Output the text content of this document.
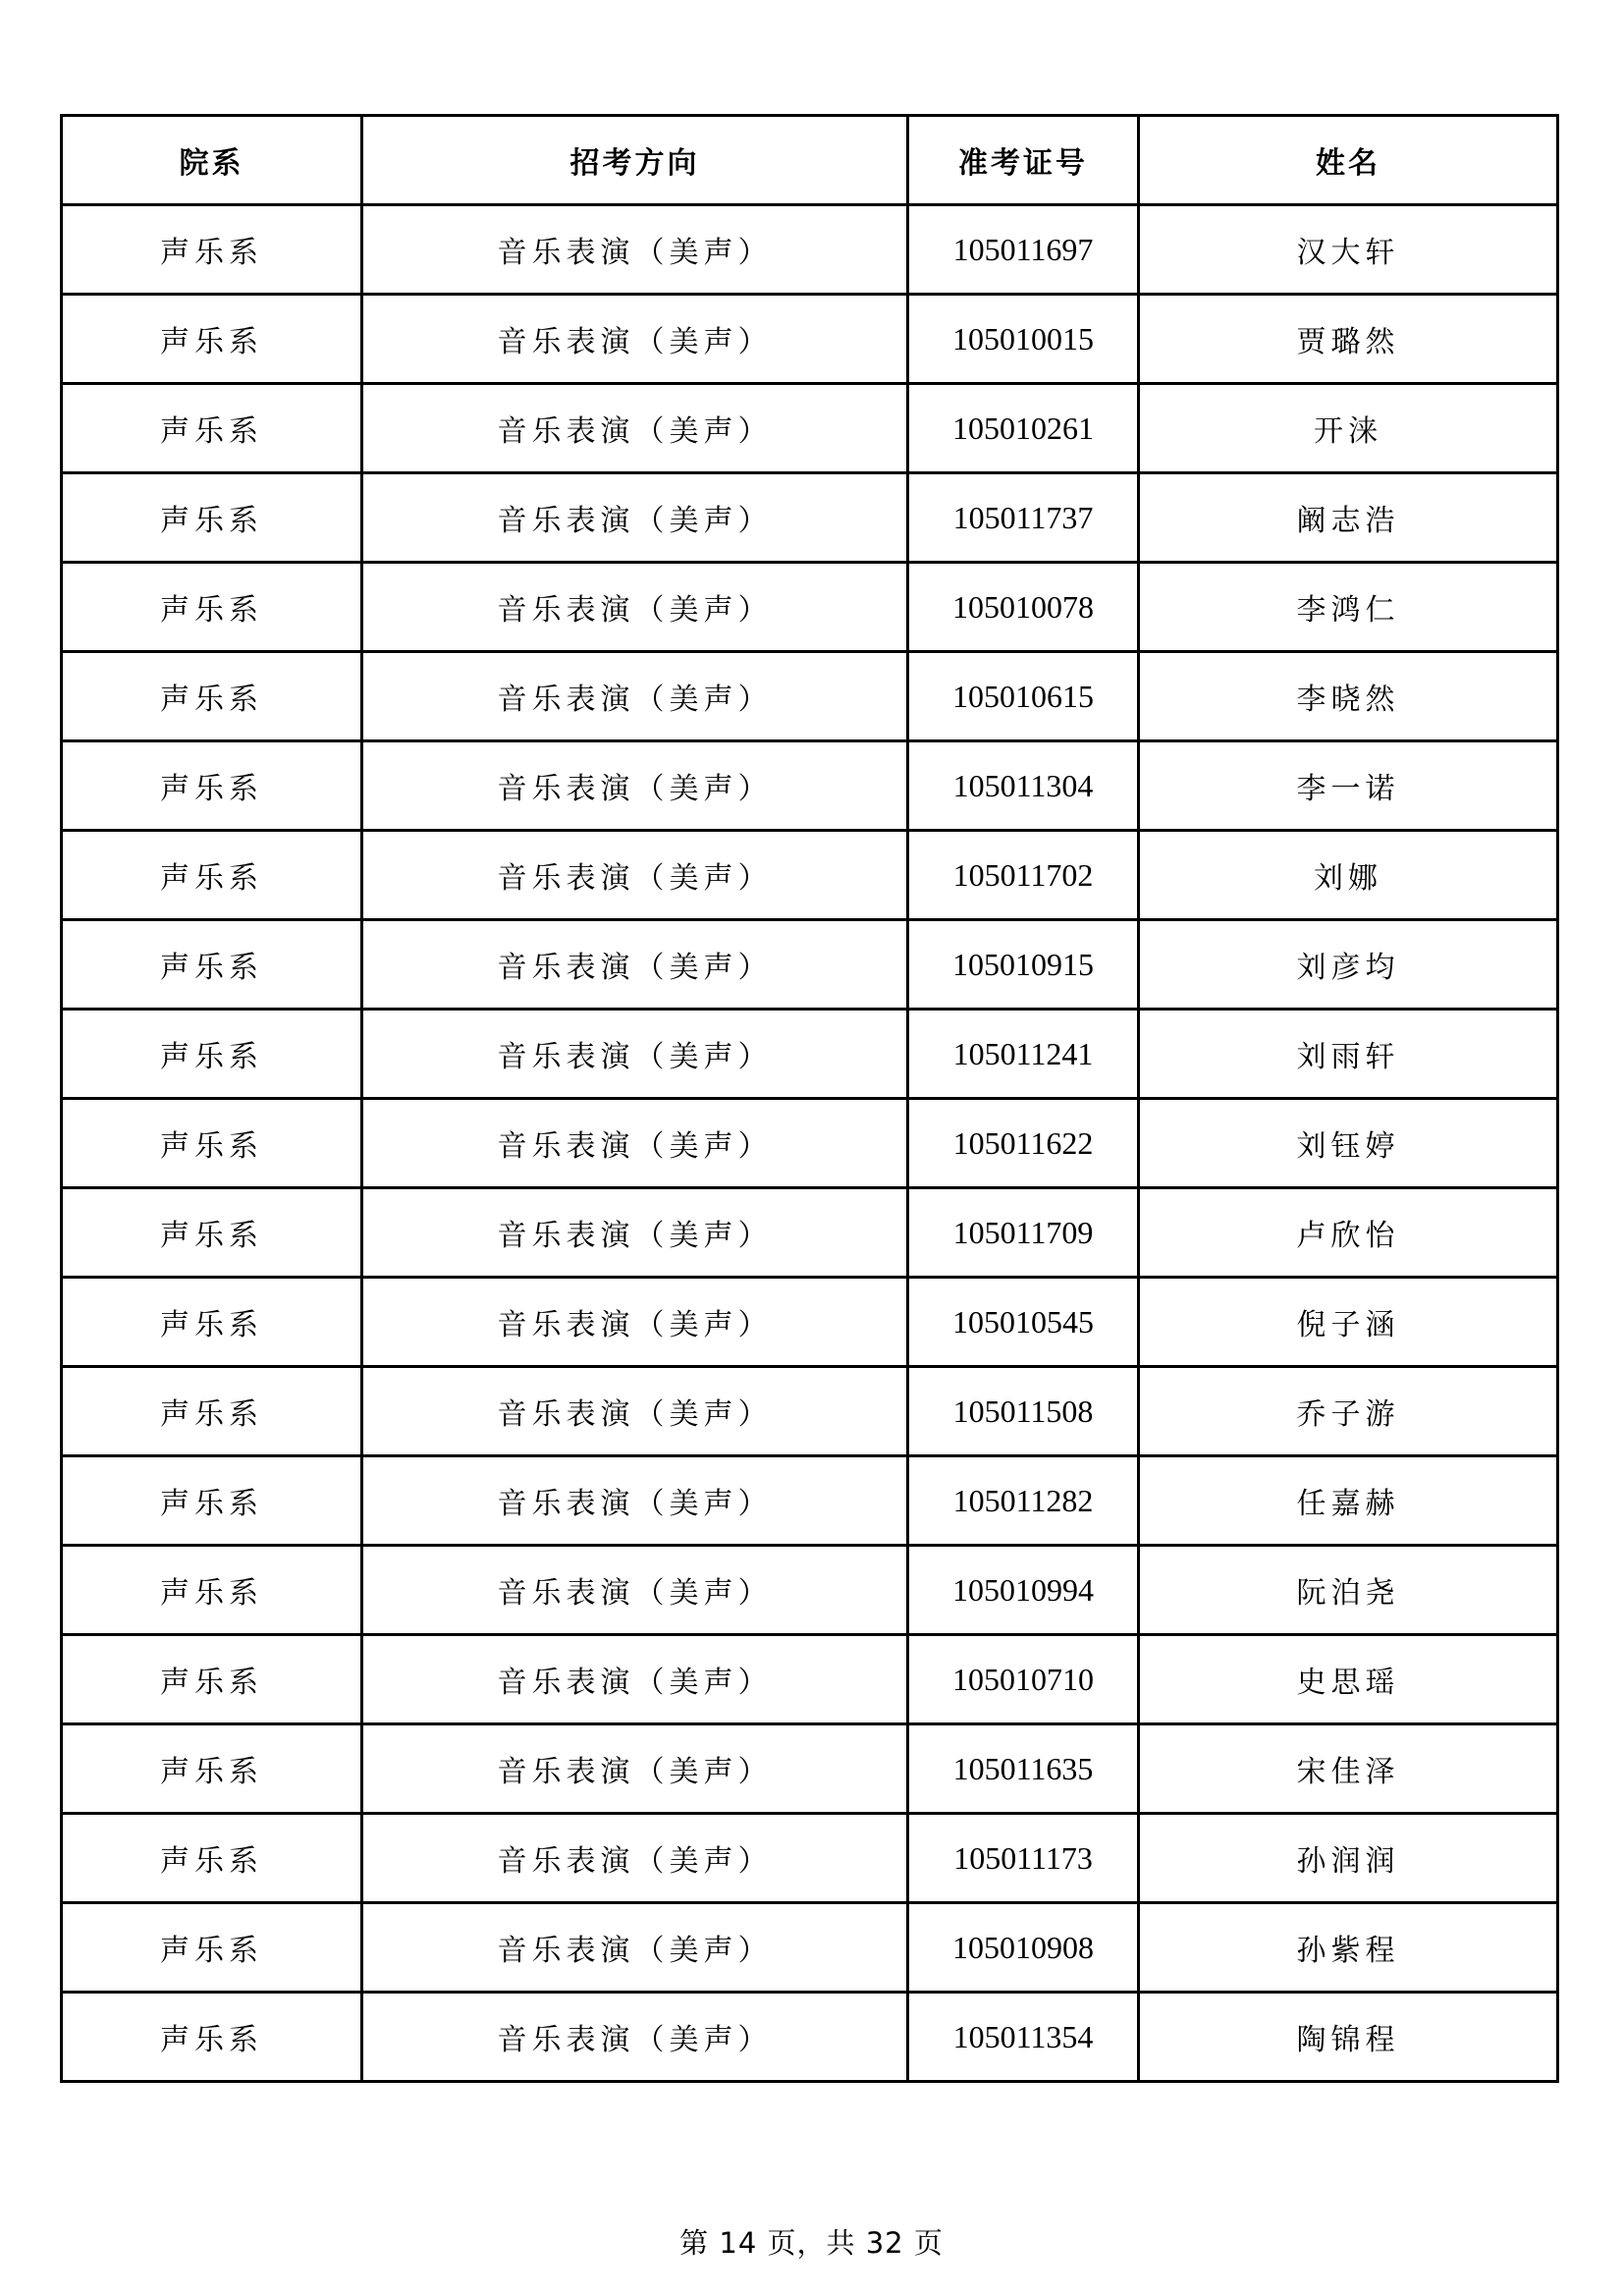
院系	招考方向	准考证号	姓名
声乐系	音乐表演（美声）	105011697	汉大轩
声乐系	音乐表演（美声）	105010015	贾璐然
声乐系	音乐表演（美声）	105010261	开涞
声乐系	音乐表演（美声）	105011737	阚志浩
声乐系	音乐表演（美声）	105010078	李鸿仁
声乐系	音乐表演（美声）	105010615	李晓然
声乐系	音乐表演（美声）	105011304	李一诺
声乐系	音乐表演（美声）	105011702	刘娜
声乐系	音乐表演（美声）	105010915	刘彦均
声乐系	音乐表演（美声）	105011241	刘雨轩
声乐系	音乐表演（美声）	105011622	刘钰婷
声乐系	音乐表演（美声）	105011709	卢欣怡
声乐系	音乐表演（美声）	105010545	倪子涵
声乐系	音乐表演（美声）	105011508	乔子游
声乐系	音乐表演（美声）	105011282	任嘉赫
声乐系	音乐表演（美声）	105010994	阮泊尧
声乐系	音乐表演（美声）	105010710	史思瑶
声乐系	音乐表演（美声）	105011635	宋佳泽
声乐系	音乐表演（美声）	105011173	孙润润
声乐系	音乐表演（美声）	105010908	孙紫程
声乐系	音乐表演（美声）	105011354	陶锦程
第 14 页，共 32 页
